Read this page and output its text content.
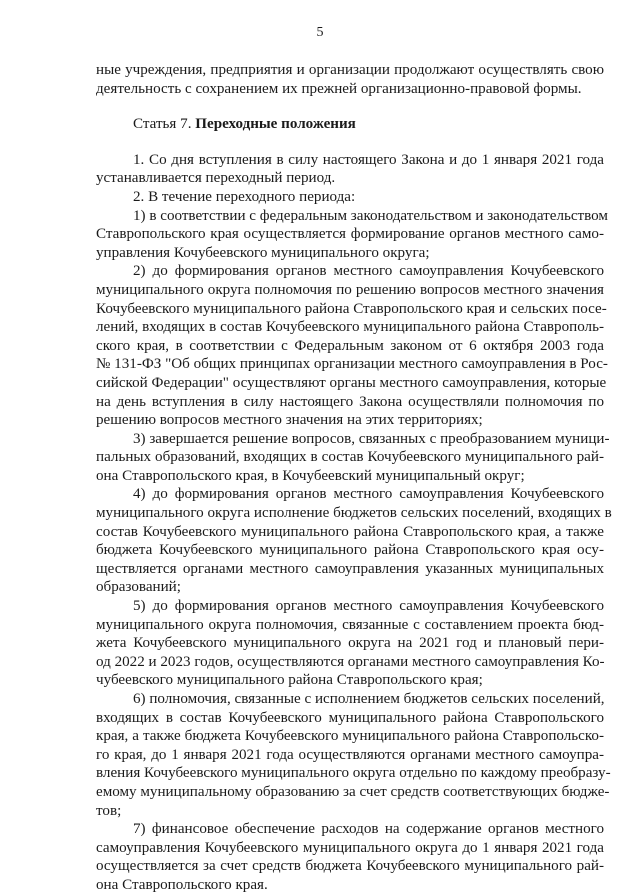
5
ные учреждения, предприятия и организации продолжают осуществлять свою
деятельность с сохранением их прежней организационно-правовой формы.
Статья 7. Переходные положения
1. Со дня вступления в силу настоящего Закона и до 1 января 2021 года
устанавливается переходный период.
2. В течение переходного периода:
1) в соответствии с федеральным законодательством и законодательством
Ставропольского края осуществляется формирование органов местного само-
управления Кочубеевского муниципального округа;
2) до формирования органов местного самоуправления Кочубеевского
муниципального округа полномочия по решению вопросов местного значения
Кочубеевского муниципального района Ставропольского края и сельских посе-
лений, входящих в состав Кочубеевского муниципального района Ставрополь-
ского края, в соответствии с Федеральным законом от 6 октября 2003 года
№ 131-ФЗ "Об общих принципах организации местного самоуправления в Рос-
сийской Федерации" осуществляют органы местного самоуправления, которые
на день вступления в силу настоящего Закона осуществляли полномочия по
решению вопросов местного значения на этих территориях;
3) завершается решение вопросов, связанных с преобразованием муници-
пальных образований, входящих в состав Кочубеевского муниципального рай-
она Ставропольского края, в Кочубеевский муниципальный округ;
4) до формирования органов местного самоуправления Кочубеевского
муниципального округа исполнение бюджетов сельских поселений, входящих в
состав Кочубеевского муниципального района Ставропольского края, а также
бюджета Кочубеевского муниципального района Ставропольского края осу-
ществляется органами местного самоуправления указанных муниципальных
образований;
5) до формирования органов местного самоуправления Кочубеевского
муниципального округа полномочия, связанные с составлением проекта бюд-
жета Кочубеевского муниципального округа на 2021 год и плановый пери-
од 2022 и 2023 годов, осуществляются органами местного самоуправления Ко-
чубеевского муниципального района Ставропольского края;
6) полномочия, связанные с исполнением бюджетов сельских поселений,
входящих в состав Кочубеевского муниципального района Ставропольского
края, а также бюджета Кочубеевского муниципального района Ставропольско-
го края, до 1 января 2021 года осуществляются органами местного самоупра-
вления Кочубеевского муниципального округа отдельно по каждому преобразу-
емому муниципальному образованию за счет средств соответствующих бюдже-
тов;
7) финансовое обеспечение расходов на содержание органов местного
самоуправления Кочубеевского муниципального округа до 1 января 2021 года
осуществляется за счет средств бюджета Кочубеевского муниципального рай-
она Ставропольского края.
